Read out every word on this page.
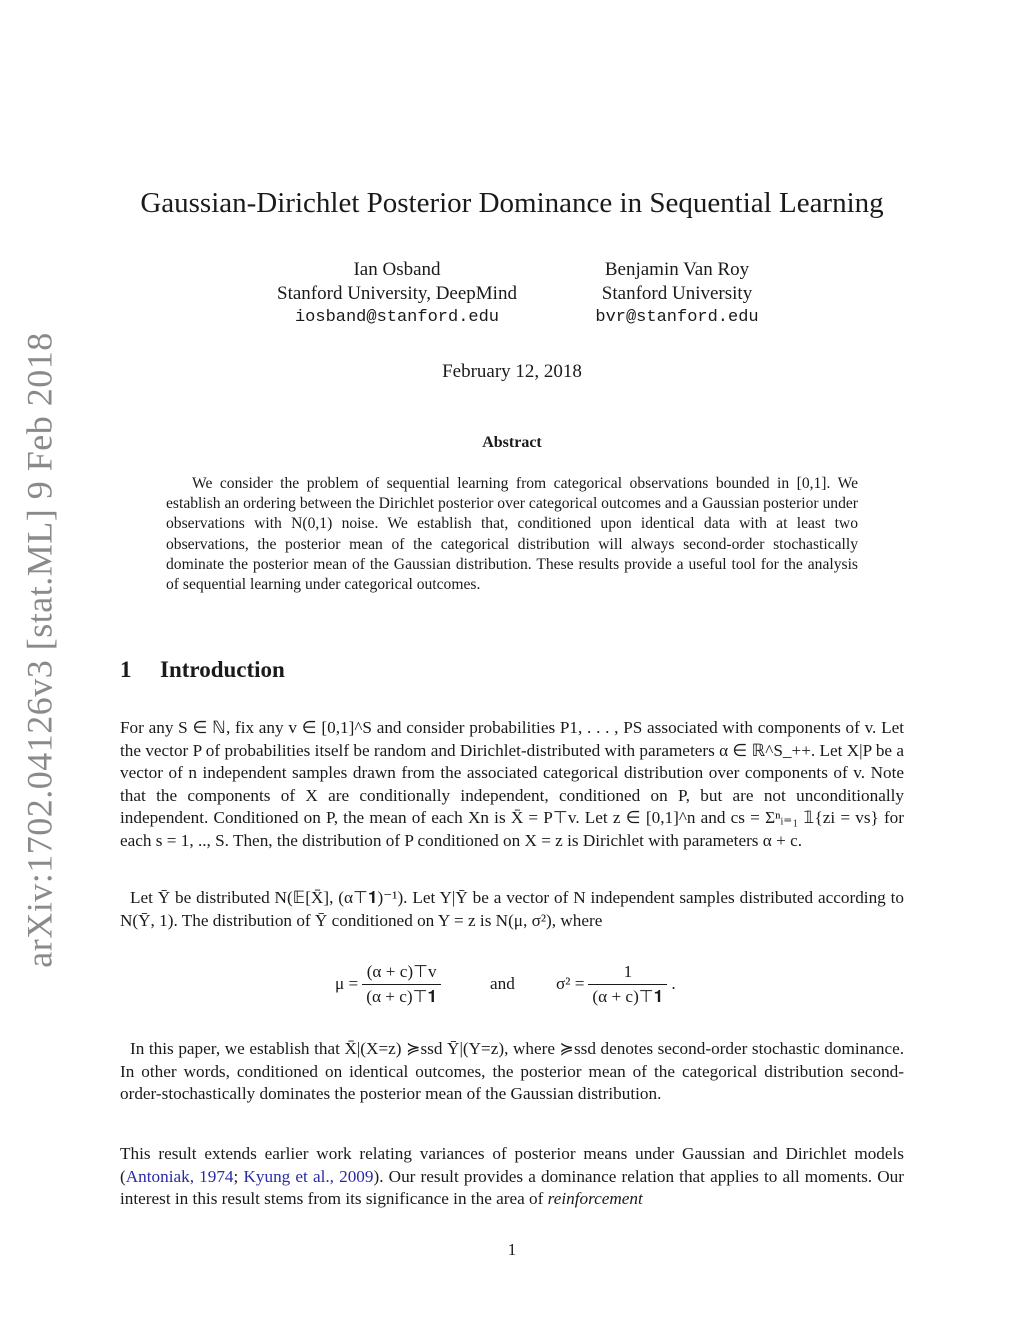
arXiv:1702.04126v3 [stat.ML] 9 Feb 2018
Gaussian-Dirichlet Posterior Dominance in Sequential Learning
Ian Osband
Stanford University, DeepMind
iosband@stanford.edu
Benjamin Van Roy
Stanford University
bvr@stanford.edu
February 12, 2018
Abstract

We consider the problem of sequential learning from categorical observations bounded in [0,1]. We establish an ordering between the Dirichlet posterior over categorical outcomes and a Gaussian posterior under observations with N(0,1) noise. We establish that, conditioned upon identical data with at least two observations, the posterior mean of the categorical distribution will always second-order stochastically dominate the posterior mean of the Gaussian distribution. These results provide a useful tool for the analysis of sequential learning under categorical outcomes.

1 Introduction

For any S ∈ ℕ, fix any v ∈ [0,1]^S and consider probabilities P1, . . . , PS associated with components of v. Let the vector P of probabilities itself be random and Dirichlet-distributed with parameters α ∈ ℝ^S_++. Let X|P be a vector of n independent samples drawn from the associated categorical distribution over components of v. Note that the components of X are conditionally independent, conditioned on P, but are not unconditionally independent. Conditioned on P, the mean of each Xn is X̄ = P⊤v. Let z ∈ [0,1]^n and cs = Σⁿᵢ₌₁ 𝟙{zi = vs} for each s = 1, .., S. Then, the distribution of P conditioned on X = z is Dirichlet with parameters α + c.

Let Ȳ be distributed N(𝔼[X̄], (α⊤𝟏)⁻¹). Let Y|Ȳ be a vector of N independent samples distributed according to N(Ȳ, 1). The distribution of Ȳ conditioned on Y = z is N(μ, σ²), where

$\mu = \frac{(\alpha + c)⊤v}{(\alpha + c)⊤𝟏}$	and $\sigma^2 = \frac{1}{(\alpha + c)⊤𝟏}$ .

In this paper, we establish that X̄|(X=z) ≽ssd Ȳ|(Y=z), where ≽ssd denotes second-order stochastic dominance. In other words, conditioned on identical outcomes, the posterior mean of the categorical distribution second-order-stochastically dominates the posterior mean of the Gaussian distribution.

This result extends earlier work relating variances of posterior means under Gaussian and Dirichlet models (Antoniak, 1974; Kyung et al., 2009). Our result provides a dominance relation that applies to all moments. Our interest in this result stems from its significance in the area of reinforcement

1
